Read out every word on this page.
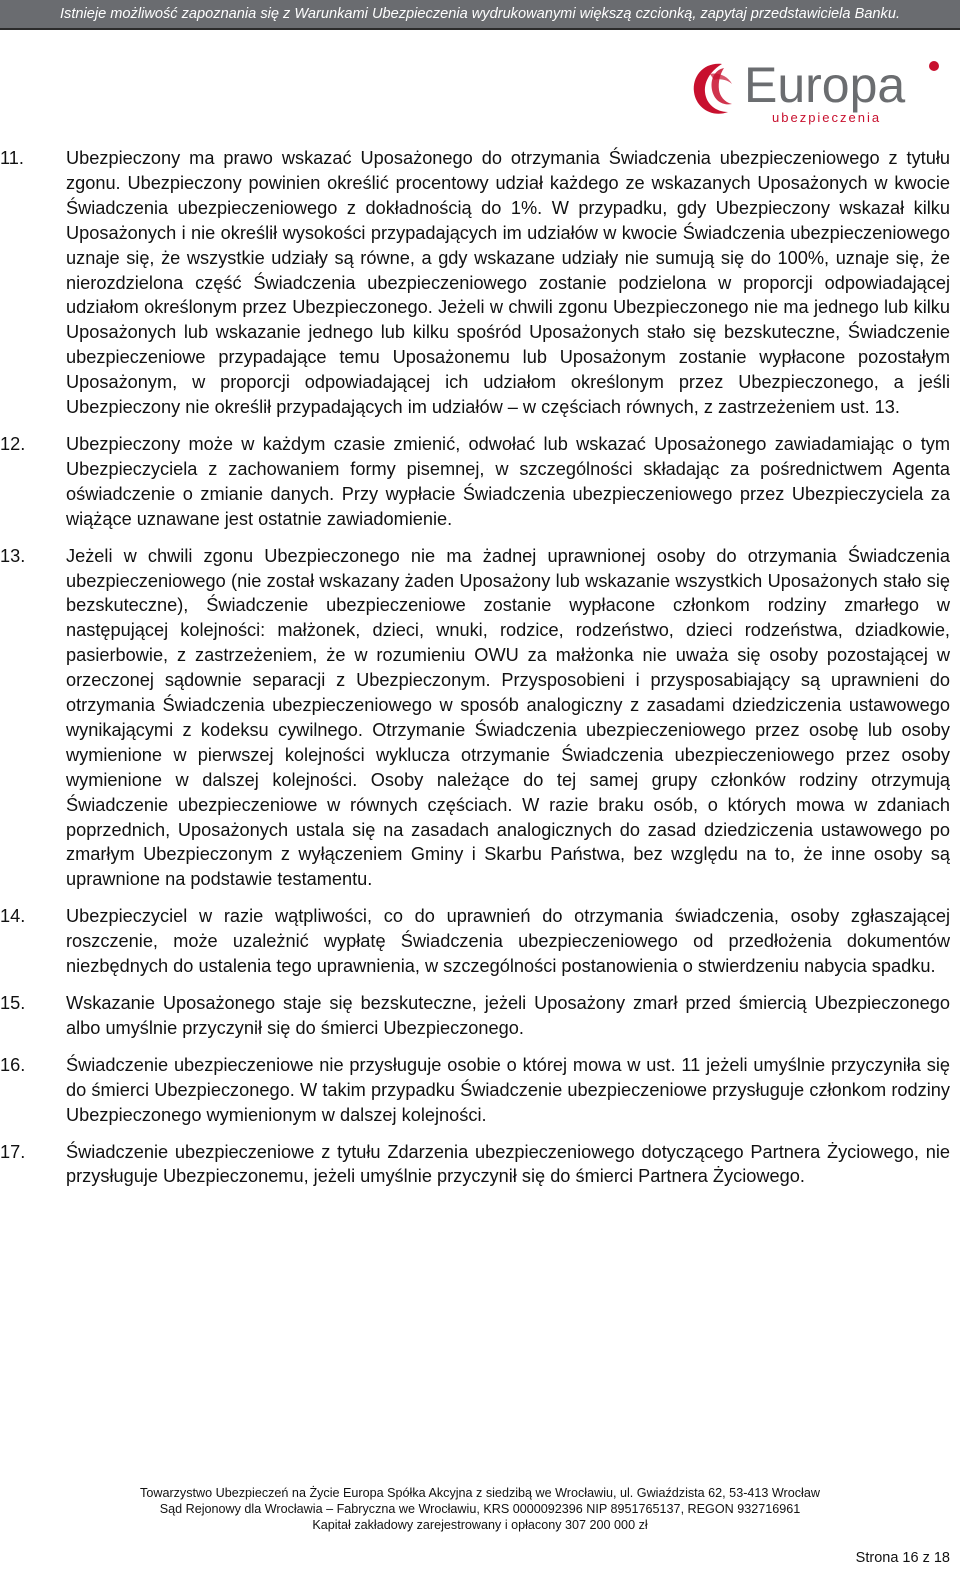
Istnieje możliwość zapoznania się z Warunkami Ubezpieczenia wydrukowanymi większą czcionką, zapytaj przedstawiciela Banku.
Europa
ubezpieczenia
11. Ubezpieczony ma prawo wskazać Uposażonego do otrzymania Świadczenia ubezpieczeniowego z tytułu zgonu. Ubezpieczony powinien określić procentowy udział każdego ze wskazanych Uposażonych w kwocie Świadczenia ubezpieczeniowego z dokładnością do 1%. W przypadku, gdy Ubezpieczony wskazał kilku Uposażonych i nie określił wysokości przypadających im udziałów w kwocie Świadczenia ubezpieczeniowego uznaje się, że wszystkie udziały są równe, a gdy wskazane udziały nie sumują się do 100%, uznaje się, że nierozdzielona część Świadczenia ubezpieczeniowego zostanie podzielona w proporcji odpowiadającej udziałom określonym przez Ubezpieczonego. Jeżeli w chwili zgonu Ubezpieczonego nie ma jednego lub kilku Uposażonych lub wskazanie jednego lub kilku spośród Uposażonych stało się bezskuteczne, Świadczenie ubezpieczeniowe przypadające temu Uposażonemu lub Uposażonym zostanie wypłacone pozostałym Uposażonym, w proporcji odpowiadającej ich udziałom określonym przez Ubezpieczonego, a jeśli Ubezpieczony nie określił przypadających im udziałów – w częściach równych, z zastrzeżeniem ust. 13.
12. Ubezpieczony może w każdym czasie zmienić, odwołać lub wskazać Uposażonego zawiadamiając o tym Ubezpieczyciela z zachowaniem formy pisemnej, w szczególności składając za pośrednictwem Agenta oświadczenie o zmianie danych. Przy wypłacie Świadczenia ubezpieczeniowego przez Ubezpieczyciela za wiążące uznawane jest ostatnie zawiadomienie.
13. Jeżeli w chwili zgonu Ubezpieczonego nie ma żadnej uprawnionej osoby do otrzymania Świadczenia ubezpieczeniowego (nie został wskazany żaden Uposażony lub wskazanie wszystkich Uposażonych stało się bezskuteczne), Świadczenie ubezpieczeniowe zostanie wypłacone członkom rodziny zmarłego w następującej kolejności: małżonek, dzieci, wnuki, rodzice, rodzeństwo, dzieci rodzeństwa, dziadkowie, pasierbowie, z zastrzeżeniem, że w rozumieniu OWU za małżonka nie uważa się osoby pozostającej w orzeczonej sądownie separacji z Ubezpieczonym. Przysposobieni i przysposabiający są uprawnieni do otrzymania Świadczenia ubezpieczeniowego w sposób analogiczny z zasadami dziedziczenia ustawowego wynikającymi z kodeksu cywilnego. Otrzymanie Świadczenia ubezpieczeniowego przez osobę lub osoby wymienione w pierwszej kolejności wyklucza otrzymanie Świadczenia ubezpieczeniowego przez osoby wymienione w dalszej kolejności. Osoby należące do tej samej grupy członków rodziny otrzymują Świadczenie ubezpieczeniowe w równych częściach. W razie braku osób, o których mowa w zdaniach poprzednich, Uposażonych ustala się na zasadach analogicznych do zasad dziedziczenia ustawowego po zmarłym Ubezpieczonym z wyłączeniem Gminy i Skarbu Państwa, bez względu na to, że inne osoby są uprawnione na podstawie testamentu.
14. Ubezpieczyciel w razie wątpliwości, co do uprawnień do otrzymania świadczenia, osoby zgłaszającej roszczenie, może uzależnić wypłatę Świadczenia ubezpieczeniowego od przedłożenia dokumentów niezbędnych do ustalenia tego uprawnienia, w szczególności postanowienia o stwierdzeniu nabycia spadku.
15. Wskazanie Uposażonego staje się bezskuteczne, jeżeli Uposażony zmarł przed śmiercią Ubezpieczonego albo umyślnie przyczynił się do śmierci Ubezpieczonego.
16. Świadczenie ubezpieczeniowe nie przysługuje osobie o której mowa w ust. 11 jeżeli umyślnie przyczyniła się do śmierci Ubezpieczonego. W takim przypadku Świadczenie ubezpieczeniowe przysługuje członkom rodziny Ubezpieczonego wymienionym w dalszej kolejności.
17. Świadczenie ubezpieczeniowe z tytułu Zdarzenia ubezpieczeniowego dotyczącego Partnera Życiowego, nie przysługuje Ubezpieczonemu, jeżeli umyślnie przyczynił się do śmierci Partnera Życiowego.
Towarzystwo Ubezpieczeń na Życie Europa Spółka Akcyjna z siedzibą we Wrocławiu, ul. Gwiaździsta 62, 53-413 Wrocław
Sąd Rejonowy dla Wrocławia – Fabryczna we Wrocławiu, KRS 0000092396 NIP 8951765137, REGON 932716961
Kapitał zakładowy zarejestrowany i opłacony 307 200 000 zł
Strona 16 z 18
